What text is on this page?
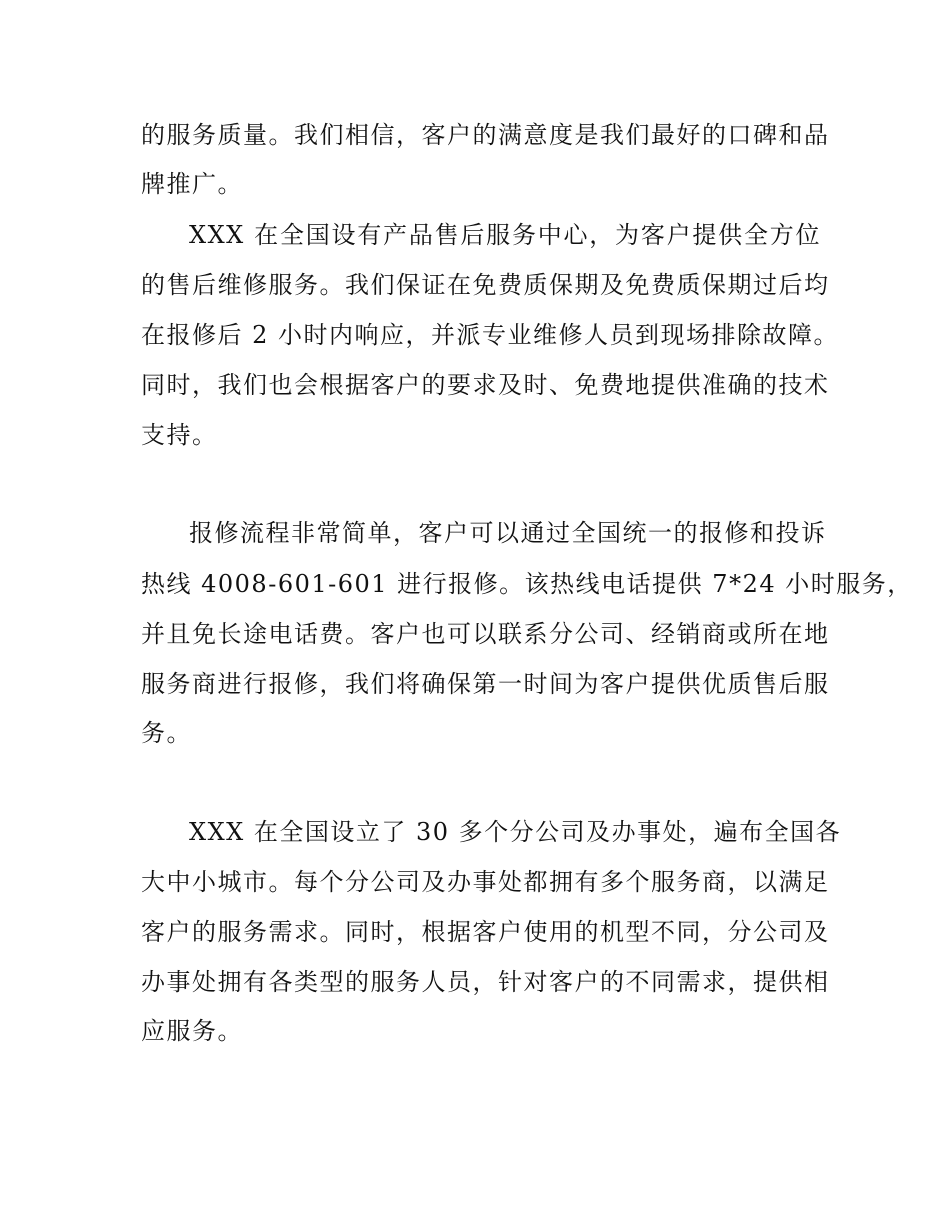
的服务质量。我们相信，客户的满意度是我们最好的口碑和品
牌推广。
XXX 在全国设有产品售后服务中心，为客户提供全方位
的售后维修服务。我们保证在免费质保期及免费质保期过后均
在报修后 2 小时内响应，并派专业维修人员到现场排除故障。
同时，我们也会根据客户的要求及时、免费地提供准确的技术
支持。
报修流程非常简单，客户可以通过全国统一的报修和投诉
热线 4008-601-601 进行报修。该热线电话提供 7*24 小时服务，
并且免长途电话费。客户也可以联系分公司、经销商或所在地
服务商进行报修，我们将确保第一时间为客户提供优质售后服
务。
XXX 在全国设立了 30 多个分公司及办事处，遍布全国各
大中小城市。每个分公司及办事处都拥有多个服务商，以满足
客户的服务需求。同时，根据客户使用的机型不同，分公司及
办事处拥有各类型的服务人员，针对客户的不同需求，提供相
应服务。
